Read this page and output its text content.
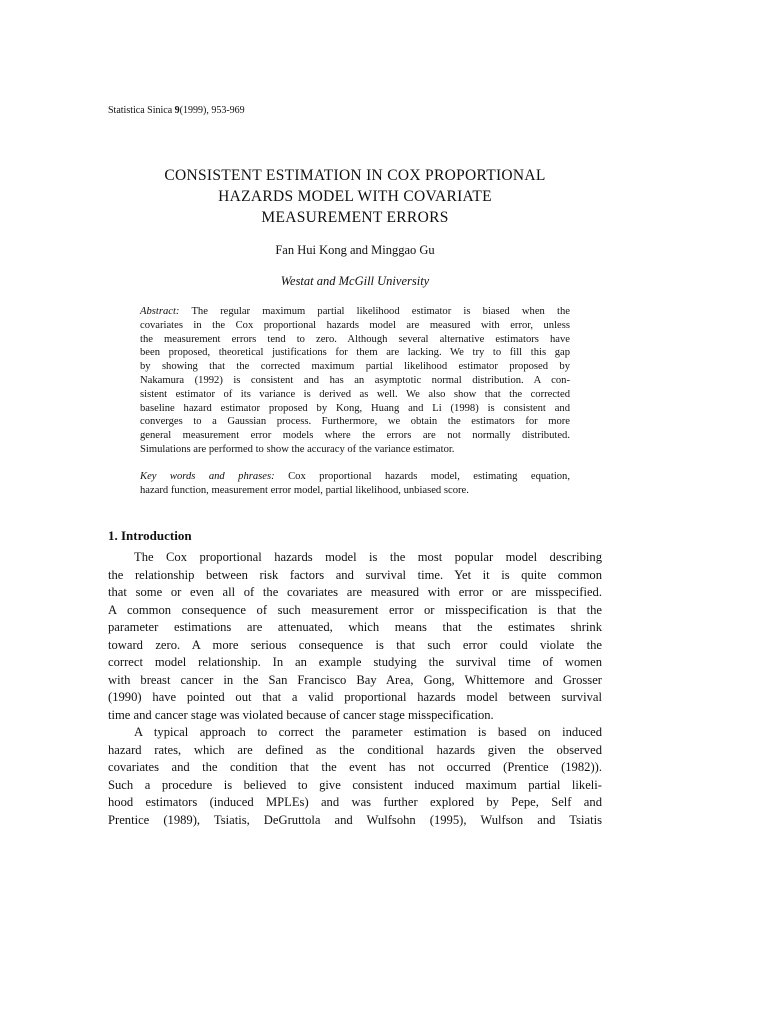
Statistica Sinica 9(1999), 953-969
CONSISTENT ESTIMATION IN COX PROPORTIONAL
HAZARDS MODEL WITH COVARIATE
MEASUREMENT ERRORS
Fan Hui Kong and Minggao Gu
Westat and McGill University
Abstract: The regular maximum partial likelihood estimator is biased when the
covariates in the Cox proportional hazards model are measured with error, unless
the measurement errors tend to zero. Although several alternative estimators have
been proposed, theoretical justifications for them are lacking. We try to fill this gap
by showing that the corrected maximum partial likelihood estimator proposed by
Nakamura (1992) is consistent and has an asymptotic normal distribution. A con-
sistent estimator of its variance is derived as well. We also show that the corrected
baseline hazard estimator proposed by Kong, Huang and Li (1998) is consistent and
converges to a Gaussian process. Furthermore, we obtain the estimators for more
general measurement error models where the errors are not normally distributed.
Simulations are performed to show the accuracy of the variance estimator.
Key words and phrases: Cox proportional hazards model, estimating equation,
hazard function, measurement error model, partial likelihood, unbiased score.
1. Introduction
The Cox proportional hazards model is the most popular model describing
the relationship between risk factors and survival time. Yet it is quite common
that some or even all of the covariates are measured with error or are misspecified.
A common consequence of such measurement error or misspecification is that the
parameter estimations are attenuated, which means that the estimates shrink
toward zero. A more serious consequence is that such error could violate the
correct model relationship. In an example studying the survival time of women
with breast cancer in the San Francisco Bay Area, Gong, Whittemore and Grosser
(1990) have pointed out that a valid proportional hazards model between survival
time and cancer stage was violated because of cancer stage misspecification.
A typical approach to correct the parameter estimation is based on induced
hazard rates, which are defined as the conditional hazards given the observed
covariates and the condition that the event has not occurred (Prentice (1982)).
Such a procedure is believed to give consistent induced maximum partial likeli-
hood estimators (induced MPLEs) and was further explored by Pepe, Self and
Prentice (1989), Tsiatis, DeGruttola and Wulfsohn (1995), Wulfson and Tsiatis
